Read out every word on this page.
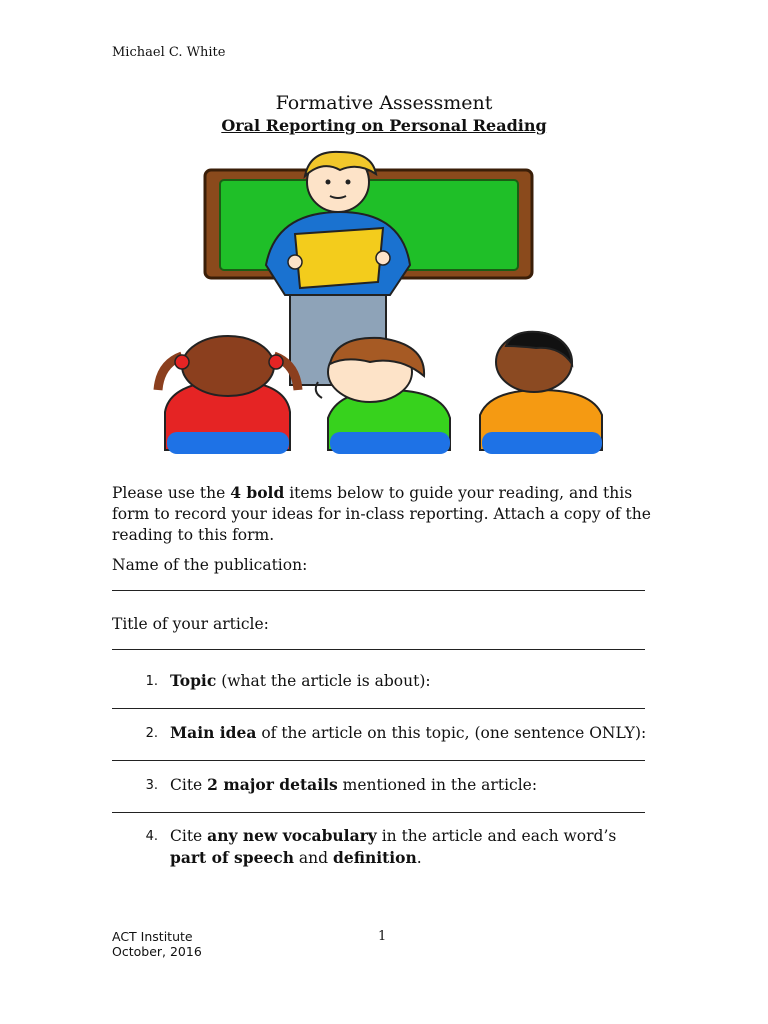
Michael C. White
Formative Assessment
Oral Reporting on Personal Reading
Please use the 4 bold items below to guide your reading, and this form to record your ideas for in-class reporting. Attach a copy of the reading to this form.
Name of the publication:
Title of your article:
1. Topic (what the article is about):
2. Main idea of the article on this topic, (one sentence ONLY):
3. Cite 2 major details mentioned in the article:
4. Cite any new vocabulary in the article and each word’s part of speech and definition.
ACT Institute
October, 2016
1
